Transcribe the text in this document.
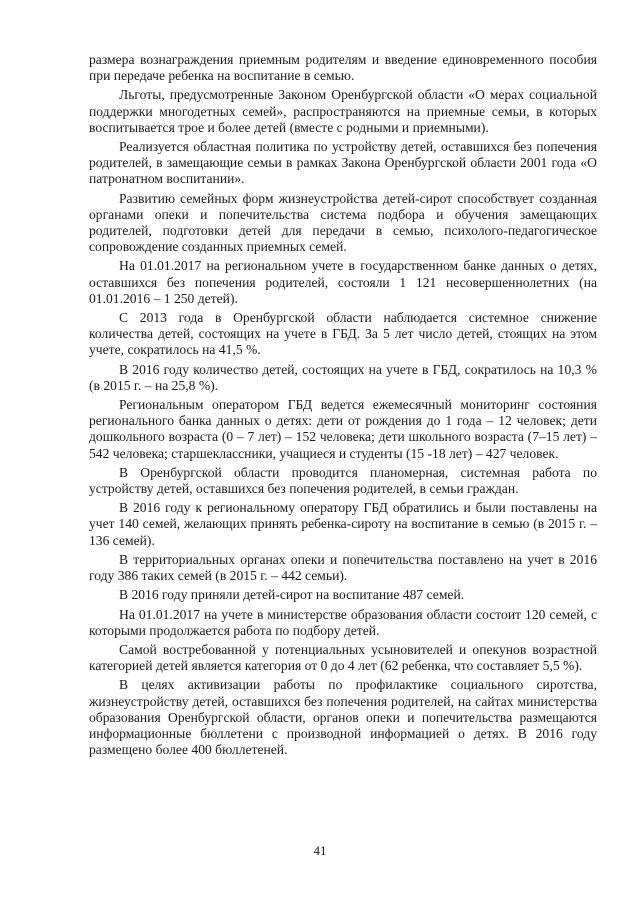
размера вознаграждения приемным родителям и введение единовременного пособия при передаче ребенка на воспитание в семью.

Льготы, предусмотренные Законом Оренбургской области «О мерах социальной поддержки многодетных семей», распространяются на приемные семьи, в которых воспитывается трое и более детей (вместе с родными и приемными).

Реализуется областная политика по устройству детей, оставшихся без попечения родителей, в замещающие семьи в рамках Закона Оренбургской области 2001 года «О патронатном воспитании».

Развитию семейных форм жизнеустройства детей-сирот способствует созданная органами опеки и попечительства система подбора и обучения замещающих родителей, подготовки детей для передачи в семью, психолого-педагогическое сопровождение созданных приемных семей.

На 01.01.2017 на региональном учете в государственном банке данных о детях, оставшихся без попечения родителей, состояли 1 121 несовершеннолетних (на 01.01.2016 – 1 250 детей).

С 2013 года в Оренбургской области наблюдается системное снижение количества детей, состоящих на учете в ГБД. За 5 лет число детей, стоящих на этом учете, сократилось на 41,5 %.

В 2016 году количество детей, состоящих на учете в ГБД, сократилось на 10,3 % (в 2015 г. – на 25,8 %).

Региональным оператором ГБД ведется ежемесячный мониторинг состояния регионального банка данных о детях: дети от рождения до 1 года – 12 человек; дети дошкольного возраста (0 – 7 лет) – 152 человека; дети школьного возраста (7–15 лет) – 542 человека; старшеклассники, учащиеся и студенты (15 -18 лет) – 427 человек.

В Оренбургской области проводится планомерная, системная работа по устройству детей, оставшихся без попечения родителей, в семьи граждан.

В 2016 году к региональному оператору ГБД обратились и были поставлены на учет 140 семей, желающих принять ребенка-сироту на воспитание в семью (в 2015 г. – 136 семей).

В территориальных органах опеки и попечительства поставлено на учет в 2016 году 386 таких семей (в 2015 г. – 442 семьи).

В 2016 году приняли детей-сирот на воспитание 487 семей.

На 01.01.2017 на учете в министерстве образования области состоит 120 семей, с которыми продолжается работа по подбору детей.

Самой востребованной у потенциальных усыновителей и опекунов возрастной категорией детей является категория от 0 до 4 лет (62 ребенка, что составляет 5,5 %).

В целях активизации работы по профилактике социального сиротства, жизнеустройству детей, оставшихся без попечения родителей, на сайтах министерства образования Оренбургской области, органов опеки и попечительства размещаются информационные бюллетени с производной информацией о детях. В 2016 году размещено более 400 бюллетеней.

41
